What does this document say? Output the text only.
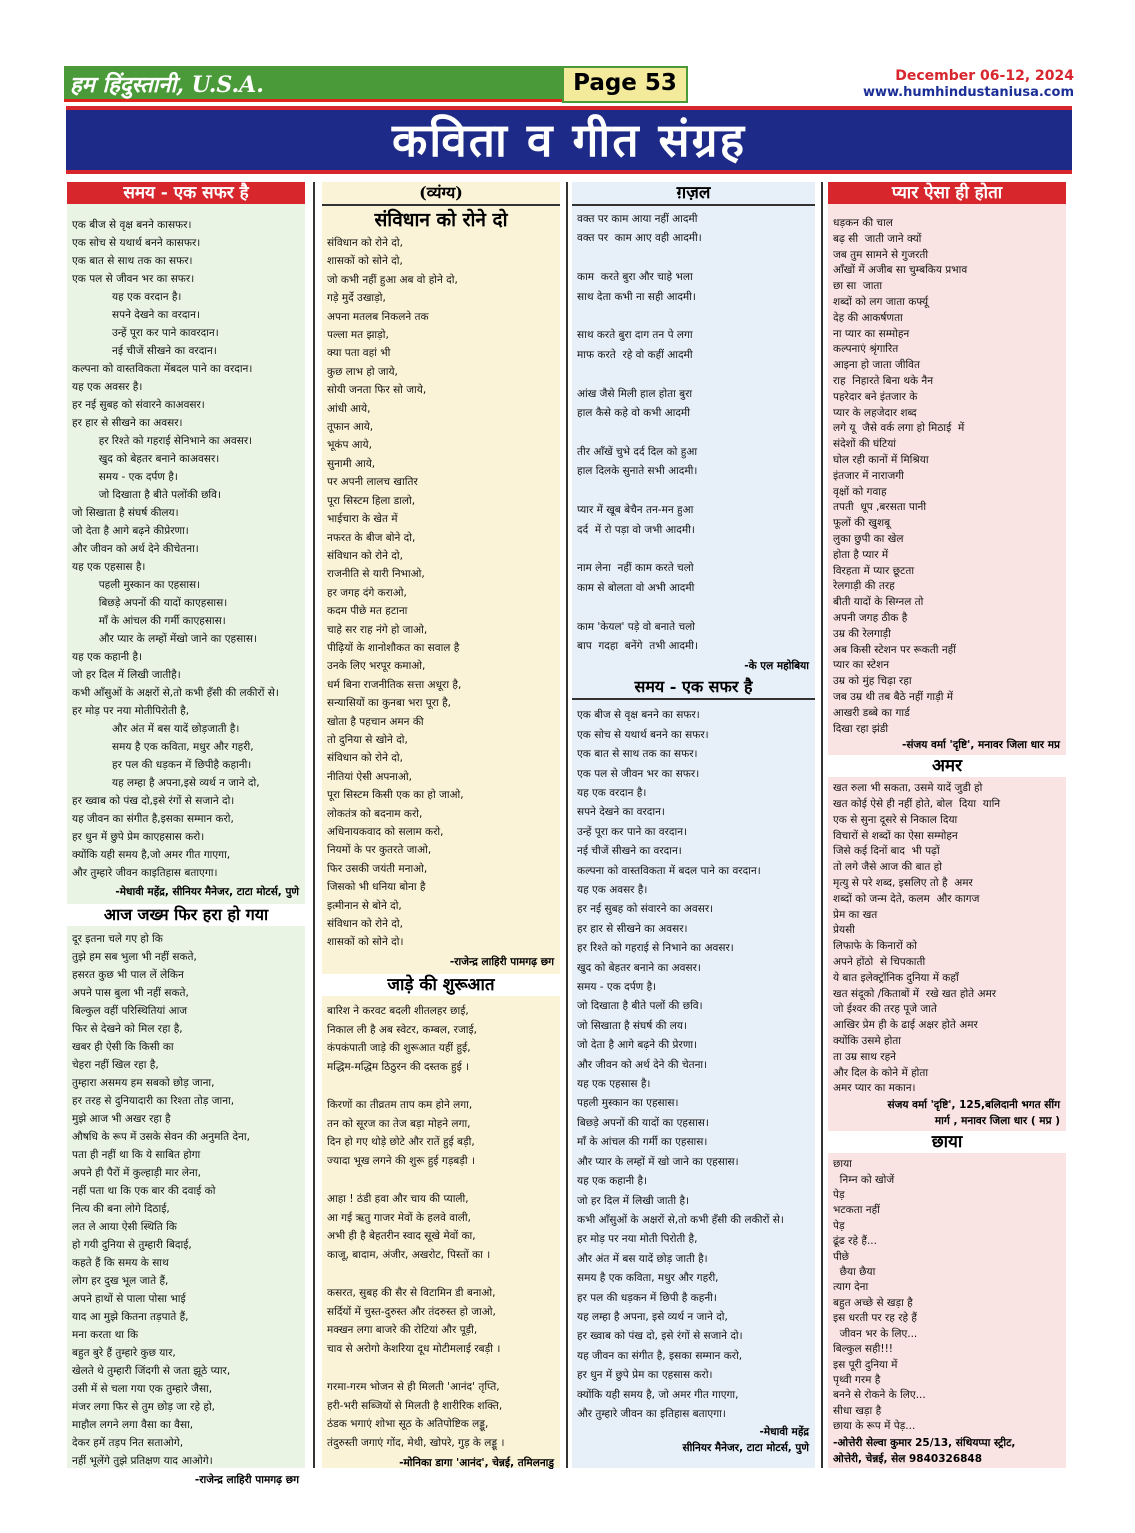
हम हिंदुस्तानी, U.S.A.	Page 53	December 06-12, 2024
www.humhindustaniusa.com
कविता व गीत संग्रह
समय - एक सफर है
एक बीज से वृक्ष बनने कासफर।
एक सोच से यथार्थ बनने कासफर।
एक बात से साथ तक का सफर।
एक पल से जीवन भर का सफर।
यह एक वरदान है।
सपने देखने का वरदान।
उन्हें पूरा कर पाने कावरदान।
नई चीजें सीखने का वरदान।
कल्पना को वास्तविकता मेंबदल पाने का वरदान।
यह एक अवसर है।
हर नई सुबह को संवारने काअवसर।
हर हार से सीखने का अवसर।
हर रिश्ते को गहराई सेनिभाने का अवसर।
खुद को बेहतर बनाने काअवसर।
समय - एक दर्पण है।
जो दिखाता है बीते पलोंकी छवि।
जो सिखाता है संघर्ष कीलय।
जो देता है आगे बढ़ने कीप्रेरणा।
और जीवन को अर्थ देने कीचेतना।
यह एक एहसास है।
पहली मुस्कान का एहसास।
बिछड़े अपनों की यादों काएहसास।
माँ के आंचल की गर्मी काएहसास।
और प्यार के लम्हों मेंखो जाने का एहसास।
यह एक कहानी है।
जो हर दिल में लिखी जातीहै।
कभी आँसुओं के अक्षरों से,तो कभी हँसी की लकीरों से।
हर मोड़ पर नया मोतीपिरोती है,
और अंत में बस यादें छोड़जाती है।
समय है एक कविता, मधुर और गहरी,
हर पल की धड़कन में छिपीहै कहानी।
यह लम्हा है अपना,इसे व्यर्थ न जाने दो,
हर ख्वाब को पंख दो,इसे रंगों से सजाने दो।
यह जीवन का संगीत है,इसका सम्मान करो,
हर धुन में छुपे प्रेम काएहसास करो।
क्योंकि यही समय है,जो अमर गीत गाएगा,
और तुम्हारे जीवन काइतिहास बताएगा।
-मेधावी महेंद्र, सीनियर मैनेजर, टाटा मोटर्स, पुणे
आज जख्म फिर हरा हो गया
दूर इतना चले गए हो कि
तुझे हम सब भुला भी नहीं सकते,
हसरत कुछ भी पाल लें लेकिन
अपने पास बुला भी नहीं सकते,
बिल्कुल वहीं परिस्थितियां आज
फिर से देखने को मिल रहा है,
खबर ही ऐसी कि किसी का
चेहरा नहीं खिल रहा है,
तुम्हारा असमय हम सबको छोड़ जाना,
हर तरह से दुनियादारी का रिश्ता तोड़ जाना,
मुझे आज भी अखर रहा है
औषधि के रूप में उसके सेवन की अनुमति देना,
पता ही नहीं था कि ये साबित होगा
अपने ही पैरों में कुल्हाड़ी मार लेना,
नहीं पता था कि एक बार की दवाई को
नित्य की बना लोगे दिठाई,
लत ले आया ऐसी स्थिति कि
हो गयी दुनिया से तुम्हारी बिदाई,
कहते हैं कि समय के साथ
लोग हर दुख भूल जाते हैं,
अपने हाथों से पाला पोसा भाई
याद आ मुझे कितना तड़पाते हैं,
मना करता था कि
बहुत बुरे हैं तुम्हारे कुछ यार,
खेलते थे तुम्हारी जिंदगी से जता झूठे प्यार,
उसी में से चला गया एक तुम्हारे जैसा,
मंजर लगा फिर से तुम छोड़ जा रहे हो,
माहौल लगने लगा वैसा का वैसा,
देकर हमें तड़प नित सताओगे,
नहीं भूलेंगे तुझे प्रतिक्षण याद आओगे।
-राजेन्द्र लाहिरी पामगढ़ छग
(व्यंग्य)
संविधान को रोने दो
संविधान को रोने दो,
शासकों को सोने दो,
जो कभी नहीं हुआ अब वो होने दो,
गड़े मुर्दे उखाड़ो,
अपना मतलब निकलने तक
पल्ला मत झाड़ो,
क्या पता वहां भी
कुछ लाभ हो जाये,
सोयी जनता फिर सो जाये,
आंधी आये,
तूफान आये,
भूकंप आये,
सुनामी आये,
पर अपनी लालच खातिर
पूरा सिस्टम हिला डालो,
भाईचारा के खेत में
नफरत के बीज बोने दो,
संविधान को रोने दो,
राजनीति से यारी निभाओ,
हर जगह दंगे कराओ,
कदम पीछे मत हटाना
चाहे सर राह नंगे हो जाओ,
पीढ़ियों के शानोशौकत का सवाल है
उनके लिए भरपूर कमाओ,
धर्म बिना राजनीतिक सत्ता अधूरा है,
सन्यासियों का कुनबा भरा पूरा है,
खोता है पहचान अमन की
तो दुनिया से खोने दो,
संविधान को रोने दो,
नीतियां ऐसी अपनाओ,
पूरा सिस्टम किसी एक का हो जाओ,
लोकतंत्र को बदनाम करो,
अधिनायकवाद को सलाम करो,
नियमों के पर कुतरते जाओ,
फिर उसकी जयंती मनाओ,
जिसको भी धनिया बोना है
इत्मीनान से बोने दो,
संविधान को रोने दो,
शासकों को सोने दो।
-राजेन्द्र लाहिरी पामगढ़ छग
जाड़े की शुरूआत
बारिश ने करवट बदली शीतलहर छाई,
निकाल ली है अब स्वेटर, कम्बल, रजाई,
कंपकंपाती जाड़े की शुरूआत यहीं हुई,
मद्धिम-मद्धिम ठिठुरन की दस्तक हुई ।

किरणों का तीव्रतम ताप कम होने लगा,
तन को सूरज का तेज बड़ा मोहने लगा,
दिन हो गए थोड़े छोटे और रातें हुई बड़ी,
ज्यादा भूख लगने की शुरू हुई गड़बड़ी ।

आहा ! ठंडी हवा और चाय की प्याली,
आ गई ऋतु गाजर मेवों के हलवे वाली,
अभी ही है बेहतरीन स्वाद सूखे मेवों का,
काजू, बादाम, अंजीर, अखरोट, पिस्तों का ।

कसरत, सुबह की सैर से विटामिन डी बनाओ,
सर्दियों में चुस्त-दुरुस्त और तंदरुस्त हो जाओ,
मक्खन लगा बाजरे की रोटियां और पूड़ी,
चाव से अरोगो केशरिया दूध मोटीमलाई रबड़ी ।

गरमा-गरम भोजन से ही मिलती 'आनंद' तृप्ति,
हरी-भरी सब्जियों से मिलती है शारीरिक शक्ति,
ठंडक भगाएं शोभा सूठ के अतिपोष्टिक लड्डू,
तंदुरुस्ती जगाएं गोंद, मेथी, खोपरे, गुड़ के लड्डू ।
-मोनिका डागा 'आनंद', चेन्नई, तमिलनाडु
ग़ज़ल
वक्त पर काम आया नहीं आदमी
वक्त पर  काम आए वही आदमी।

काम  करते बुरा और चाहे भला
साथ देता कभी ना सही आदमी।

साथ करते बुरा दाग तन पे लगा
माफ करते  रहे वो कहीं आदमी

आंख जैसे मिली हाल होता बुरा
हाल कैसे कहे वो कभी आदमी

तीर आँखें चुभे दर्द दिल को हुआ
हाल दिलके सुनाते सभी आदमी।

प्यार में खूब बेचैन तन-मन हुआ
दर्द  में रो पड़ा वो जभी आदमी।

नाम लेना  नहीं काम करते चलो
काम से बोलता वो अभी आदमी

काम 'केयल' पड़े वो बनाते चलो
बाप  गदहा  बनेंगे  तभी आदमी।
-के एल महोबिया
समय - एक सफर है
एक बीज से वृक्ष बनने का सफर।
एक सोच से यथार्थ बनने का सफर।
एक बात से साथ तक का सफर।
एक पल से जीवन भर का सफर।
यह एक वरदान है।
सपने देखने का वरदान।
उन्हें पूरा कर पाने का वरदान।
नई चीजें सीखने का वरदान।
कल्पना को वास्तविकता में बदल पाने का वरदान।
यह एक अवसर है।
हर नई सुबह को संवारने का अवसर।
हर हार से सीखने का अवसर।
हर रिश्ते को गहराई से निभाने का अवसर।
खुद को बेहतर बनाने का अवसर।
समय - एक दर्पण है।
जो दिखाता है बीते पलों की छवि।
जो सिखाता है संघर्ष की लय।
जो देता है आगे बढ़ने की प्रेरणा।
और जीवन को अर्थ देने की चेतना।
यह एक एहसास है।
पहली मुस्कान का एहसास।
बिछड़े अपनों की यादों का एहसास।
माँ के आंचल की गर्मी का एहसास।
और प्यार के लम्हों में खो जाने का एहसास।
यह एक कहानी है।
जो हर दिल में लिखी जाती है।
कभी आँसुओं के अक्षरों से,तो कभी हँसी की लकीरों से।
हर मोड़ पर नया मोती पिरोती है,
और अंत में बस यादें छोड़ जाती है।
समय है एक कविता, मधुर और गहरी,
हर पल की धड़कन में छिपी है कहनी।
यह लम्हा है अपना, इसे व्यर्थ न जाने दो,
हर ख्वाब को पंख दो, इसे रंगों से सजाने दो।
यह जीवन का संगीत है, इसका सम्मान करो,
हर धुन में छुपे प्रेम का एहसास करो।
क्योंकि यही समय है, जो अमर गीत गाएगा,
और तुम्हारे जीवन का इतिहास बताएगा।
-मेधावी महेंद्र
सीनियर मैनेजर, टाटा मोटर्स, पुणे
प्यार ऐसा ही होता
धड़कन की चाल
बढ़ सी  जाती जाने क्यों
जब तुम सामने से गुजरती
ऑंखों में अजीब सा चुम्बकिय प्रभाव
छा सा  जाता
शब्दों को लग जाता कर्फ्यू
देह की आकर्षणता
ना प्यार का सम्मोहन
कल्पनाएं श्रृंगारित
आइना हो जाता जीवित
राह  निहारते बिना थके नैन
पहरेदार बने इंतजार के
प्यार के लहजेदार शब्द
लगे यू  जैसे वर्क लगा हो मिठाई  में
संदेशों की घंटियां
घोल रही कानों में मिश्रिया
इंतजार में नाराजगी
वृक्षों को गवाह
तपती  धूप ,बरसता पानी
फूलों की खुशबू
लुका छुपी का खेल
होता है प्यार में
विरहता में प्यार छूटता
रेलगाड़ी की तरह
बीती यादों के सिग्नल तो
अपनी जगह ठीक है
उम्र की रेलगाड़ी
अब किसी स्टेशन पर रूकती नहीं
प्यार का स्टेशन
उम्र को मुंह चिढ़ा रहा
जब उम्र थी तब बैठे नहीं गाड़ी में
आखरी डब्बे का गार्ड
दिखा रहा झंडी
-संजय वर्मा 'दृष्टि', मनावर जिला धार मप्र
अमर
खत रुला भी सकता, उसमे यादें जुडी हो
खत कोई ऐसे ही नहीं होते, बोल  दिया  यानि
एक से सुना दूसरे से निकाल दिया
विचारों से शब्दों का ऐसा सम्मोहन
जिसे कई दिनों बाद  भी पढ़ों
तो लगे जैसे आज की बात हो
मृत्यु से परे शब्द, इसलिए तो है  अमर
शब्दों को जन्म देते, कलम  और कागज
प्रेम का खत
प्रेयसी
लिफाफे के किनारों को
अपने होंठो  से चिपकाती
ये बात इलेक्ट्रॉनिक दुनिया में कहाँ
खत संदूको /किताबों में  रखे खत होते अमर
जो ईश्वर की तरह पूजे जाते
आखिर प्रेम ही के ढाई अक्षर होते अमर
क्योंकि उसमे होता
ता उम्र साथ रहने
और दिल के कोने में होता
अमर प्यार का मकान।
संजय वर्मा 'दृष्टि', 125,बलिदानी भगत सींग
मार्ग , मनावर जिला धार ( मप्र )
छाया
छाया
निम्न को खोजें
पेड़
भटकता नहीं
पेड़
ढूंढ रहे हैं...
पीछे
छैया छैया
त्याग देना
बहुत अच्छे से खड़ा है
इस धरती पर रह रहे हैं
जीवन भर के लिए...
बिल्कुल सही!!!
इस पूरी दुनिया में
पृथ्वी गरम है
बनने से रोकने के लिए...
सीधा खड़ा है
छाया के रूप में पेड़...
-ओत्तेरी सेल्वा कुमार 25/13, संथियप्पा स्ट्रीट,
ओत्तेरी, चेन्नई, सेल 9840326848
